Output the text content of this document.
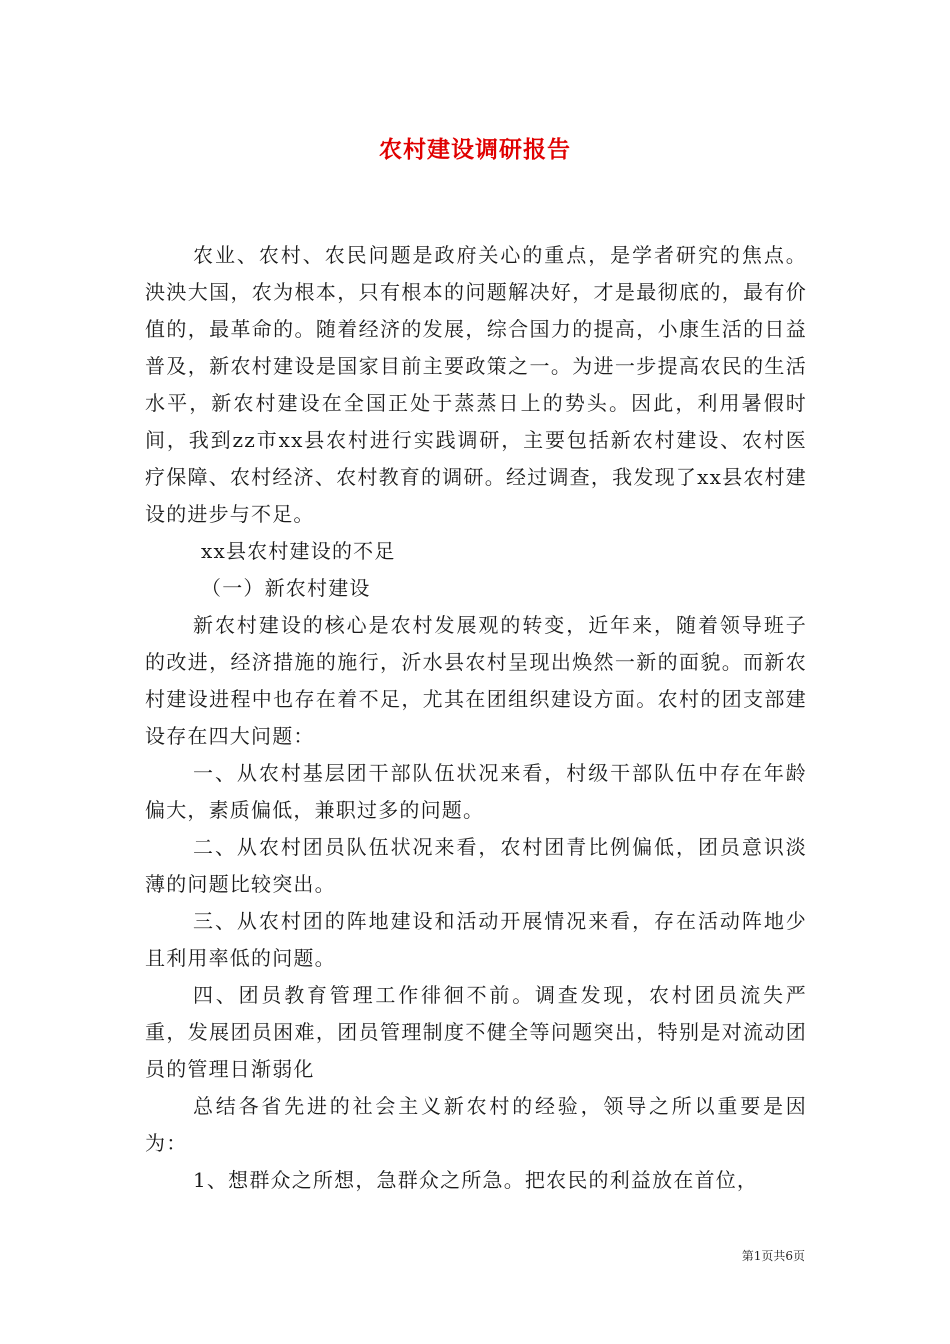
农村建设调研报告

农业、农村、农民问题是政府关心的重点，是学者研究的焦点。泱泱大国，农为根本，只有根本的问题解决好，才是最彻底的，最有价值的，最革命的。随着经济的发展，综合国力的提高，小康生活的日益普及，新农村建设是国家目前主要政策之一。为进一步提高农民的生活水平，新农村建设在全国正处于蒸蒸日上的势头。因此，利用暑假时间，我到zz市xx县农村进行实践调研，主要包括新农村建设、农村医疗保障、农村经济、农村教育的调研。经过调查，我发现了xx县农村建设的进步与不足。

xx县农村建设的不足

（一）新农村建设

新农村建设的核心是农村发展观的转变，近年来，随着领导班子的改进，经济措施的施行，沂水县农村呈现出焕然一新的面貌。而新农村建设进程中也存在着不足，尤其在团组织建设方面。农村的团支部建设存在四大问题：

一、从农村基层团干部队伍状况来看，村级干部队伍中存在年龄偏大，素质偏低，兼职过多的问题。

二、从农村团员队伍状况来看，农村团青比例偏低，团员意识淡薄的问题比较突出。

三、从农村团的阵地建设和活动开展情况来看，存在活动阵地少且利用率低的问题。

四、团员教育管理工作徘徊不前。调查发现，农村团员流失严重，发展团员困难，团员管理制度不健全等问题突出，特别是对流动团员的管理日渐弱化

总结各省先进的社会主义新农村的经验，领导之所以重要是因为：

1、想群众之所想，急群众之所急。把农民的利益放在首位，

第1页共6页
